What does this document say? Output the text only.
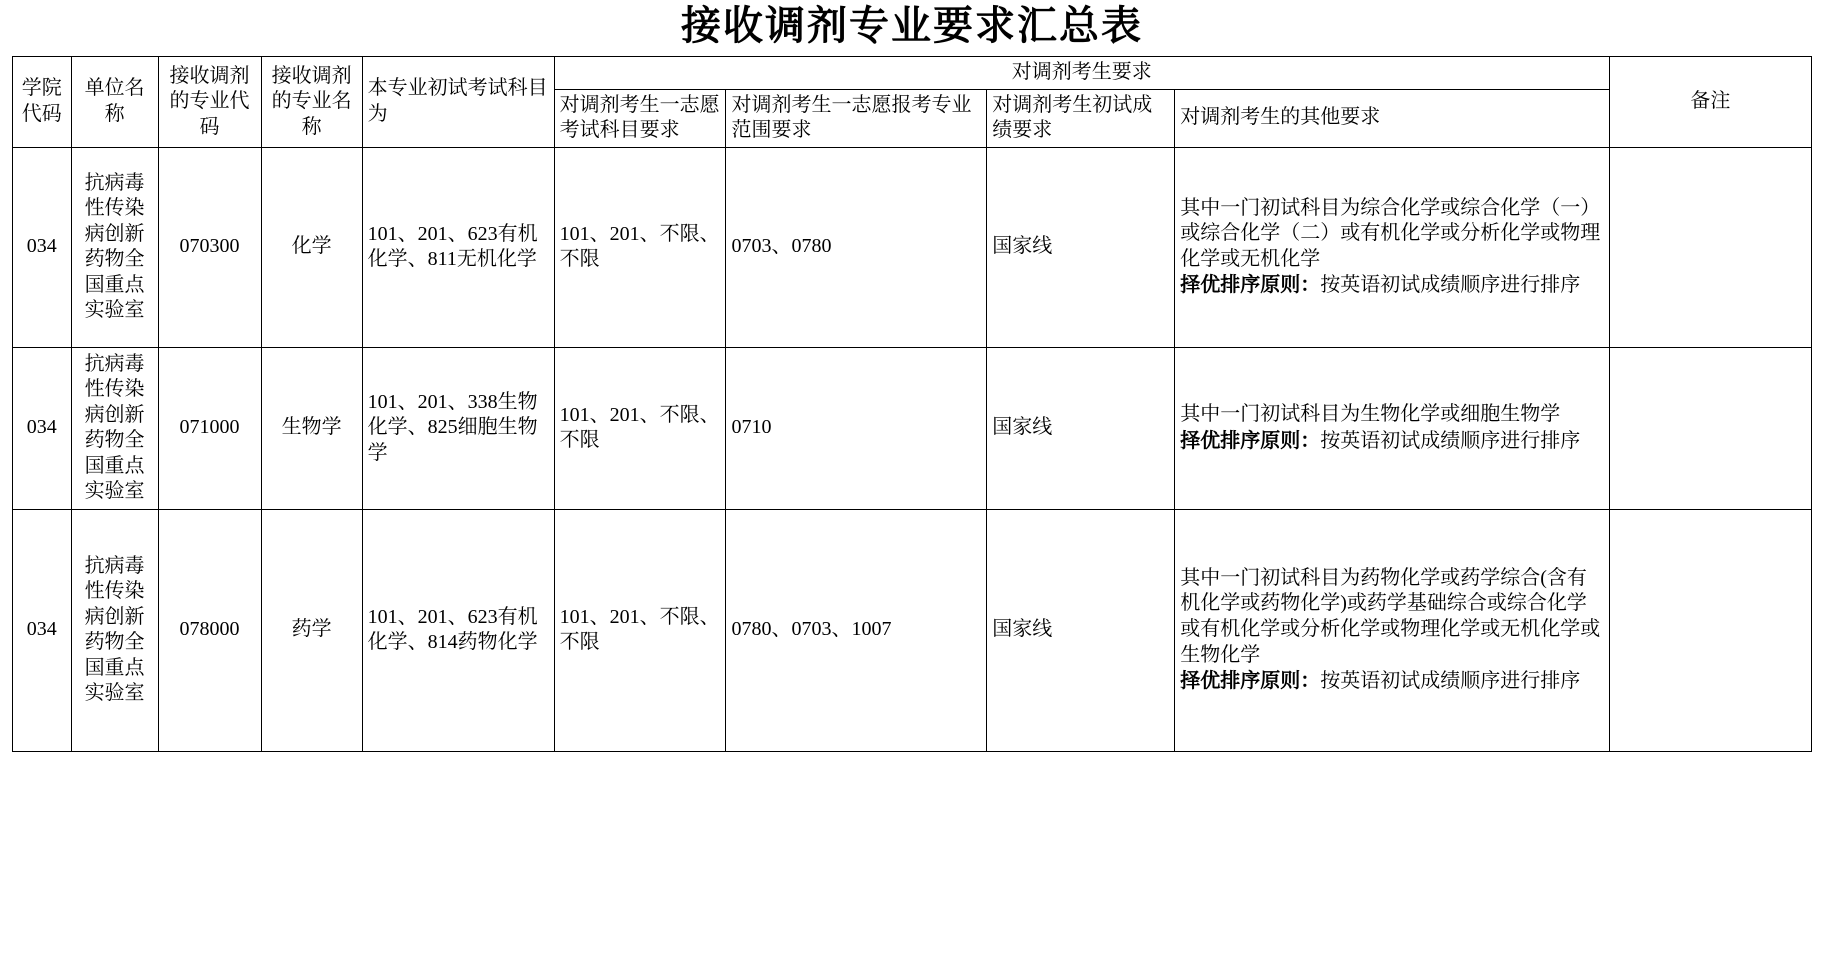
接收调剂专业要求汇总表
学院代码	单位名称	接收调剂的专业代码	接收调剂的专业名称	本专业初试考试科目为	对调剂考生要求				备注
					对调剂考生一志愿考试科目要求	对调剂考生一志愿报考专业范围要求	对调剂考生初试成绩要求	对调剂考生的其他要求	
034	抗病毒性传染病创新药物全国重点实验室	070300	化学	101、201、623有机化学、811无机化学	101、201、不限、不限	0703、0780	国家线	其中一门初试科目为综合化学或综合化学（一）或综合化学（二）或有机化学或分析化学或物理化学或无机化学
择优排序原则：按英语初试成绩顺序进行排序	

034	抗病毒性传染病创新药物全国重点实验室	071000	生物学	101、201、338生物化学、825细胞生物学	101、201、不限、不限	0710	国家线	其中一门初试科目为生物化学或细胞生物学
择优排序原则：按英语初试成绩顺序进行排序	

034	抗病毒性传染病创新药物全国重点实验室	078000	药学	101、201、623有机化学、814药物化学	101、201、不限、不限	0780、0703、1007	国家线	其中一门初试科目为药物化学或药学综合(含有机化学或药物化学)或药学基础综合或综合化学或有机化学或分析化学或物理化学或无机化学或生物化学
择优排序原则：按英语初试成绩顺序进行排序	
